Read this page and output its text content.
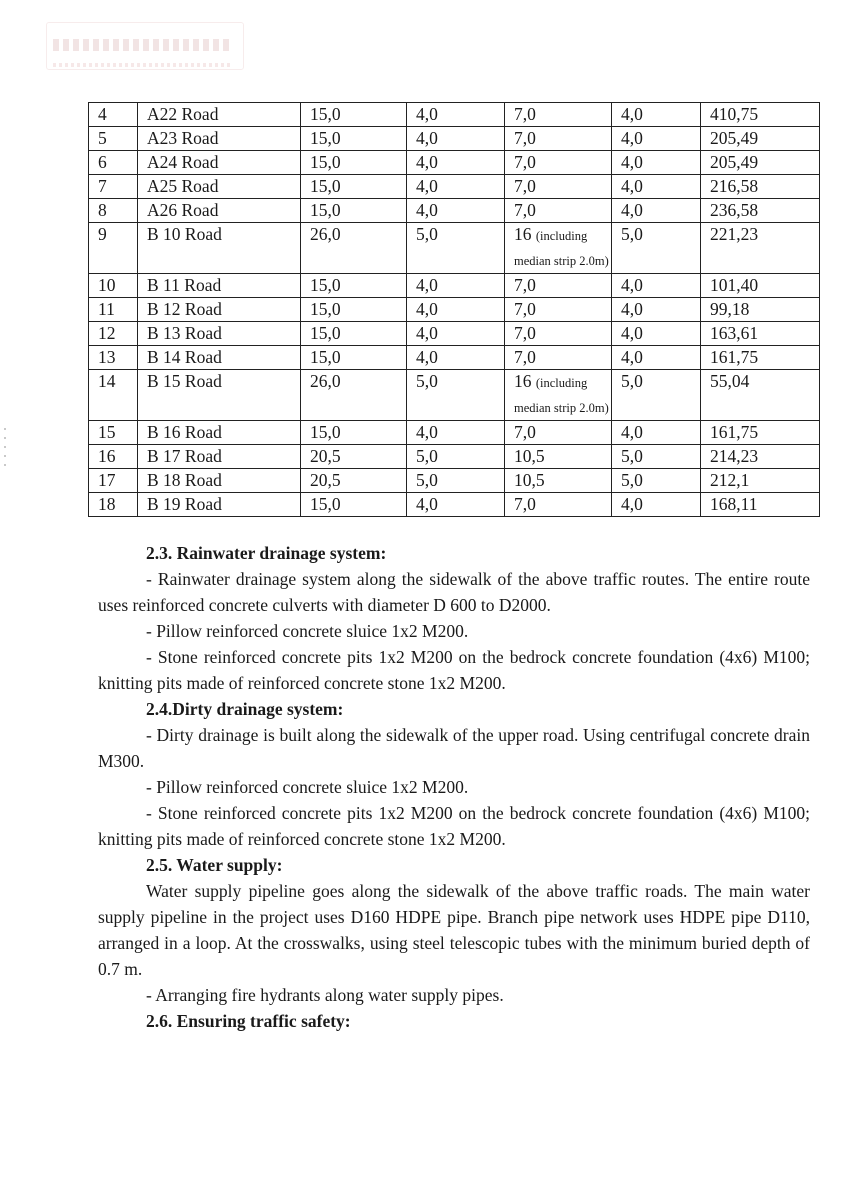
4	A22 Road	15,0	4,0	7,0	4,0	410,75
5	A23 Road	15,0	4,0	7,0	4,0	205,49
6	A24 Road	15,0	4,0	7,0	4,0	205,49
7	A25 Road	15,0	4,0	7,0	4,0	216,58
8	A26 Road	15,0	4,0	7,0	4,0	236,58
9	B 10 Road	26,0	5,0	16 (including median strip 2.0m)	5,0	221,23
10	B 11 Road	15,0	4,0	7,0	4,0	101,40
11	B 12 Road	15,0	4,0	7,0	4,0	99,18
12	B 13 Road	15,0	4,0	7,0	4,0	163,61
13	B 14 Road	15,0	4,0	7,0	4,0	161,75
14	B 15 Road	26,0	5,0	16 (including median strip 2.0m)	5,0	55,04
15	B 16 Road	15,0	4,0	7,0	4,0	161,75
16	B 17 Road	20,5	5,0	10,5	5,0	214,23
17	B 18 Road	20,5	5,0	10,5	5,0	212,1
18	B 19 Road	15,0	4,0	7,0	4,0	168,11

2.3. Rainwater drainage system:

- Rainwater drainage system along the sidewalk of the above traffic routes. The entire route uses reinforced concrete culverts with diameter D 600 to D2000.

- Pillow reinforced concrete sluice 1x2 M200.

- Stone reinforced concrete pits 1x2 M200 on the bedrock concrete foundation (4x6) M100; knitting pits made of reinforced concrete stone 1x2 M200.

2.4.Dirty drainage system:

- Dirty drainage is built along the sidewalk of the upper road. Using centrifugal concrete drain M300.

- Pillow reinforced concrete sluice 1x2 M200.

- Stone reinforced concrete pits 1x2 M200 on the bedrock concrete foundation (4x6) M100; knitting pits made of reinforced concrete stone 1x2 M200.

2.5. Water supply:

Water supply pipeline goes along the sidewalk of the above traffic roads. The main water supply pipeline in the project uses D160 HDPE pipe. Branch pipe network uses HDPE pipe D110, arranged in a loop. At the crosswalks, using steel telescopic tubes with the minimum buried depth of 0.7 m.

- Arranging fire hydrants along water supply pipes.

2.6. Ensuring traffic safety:
